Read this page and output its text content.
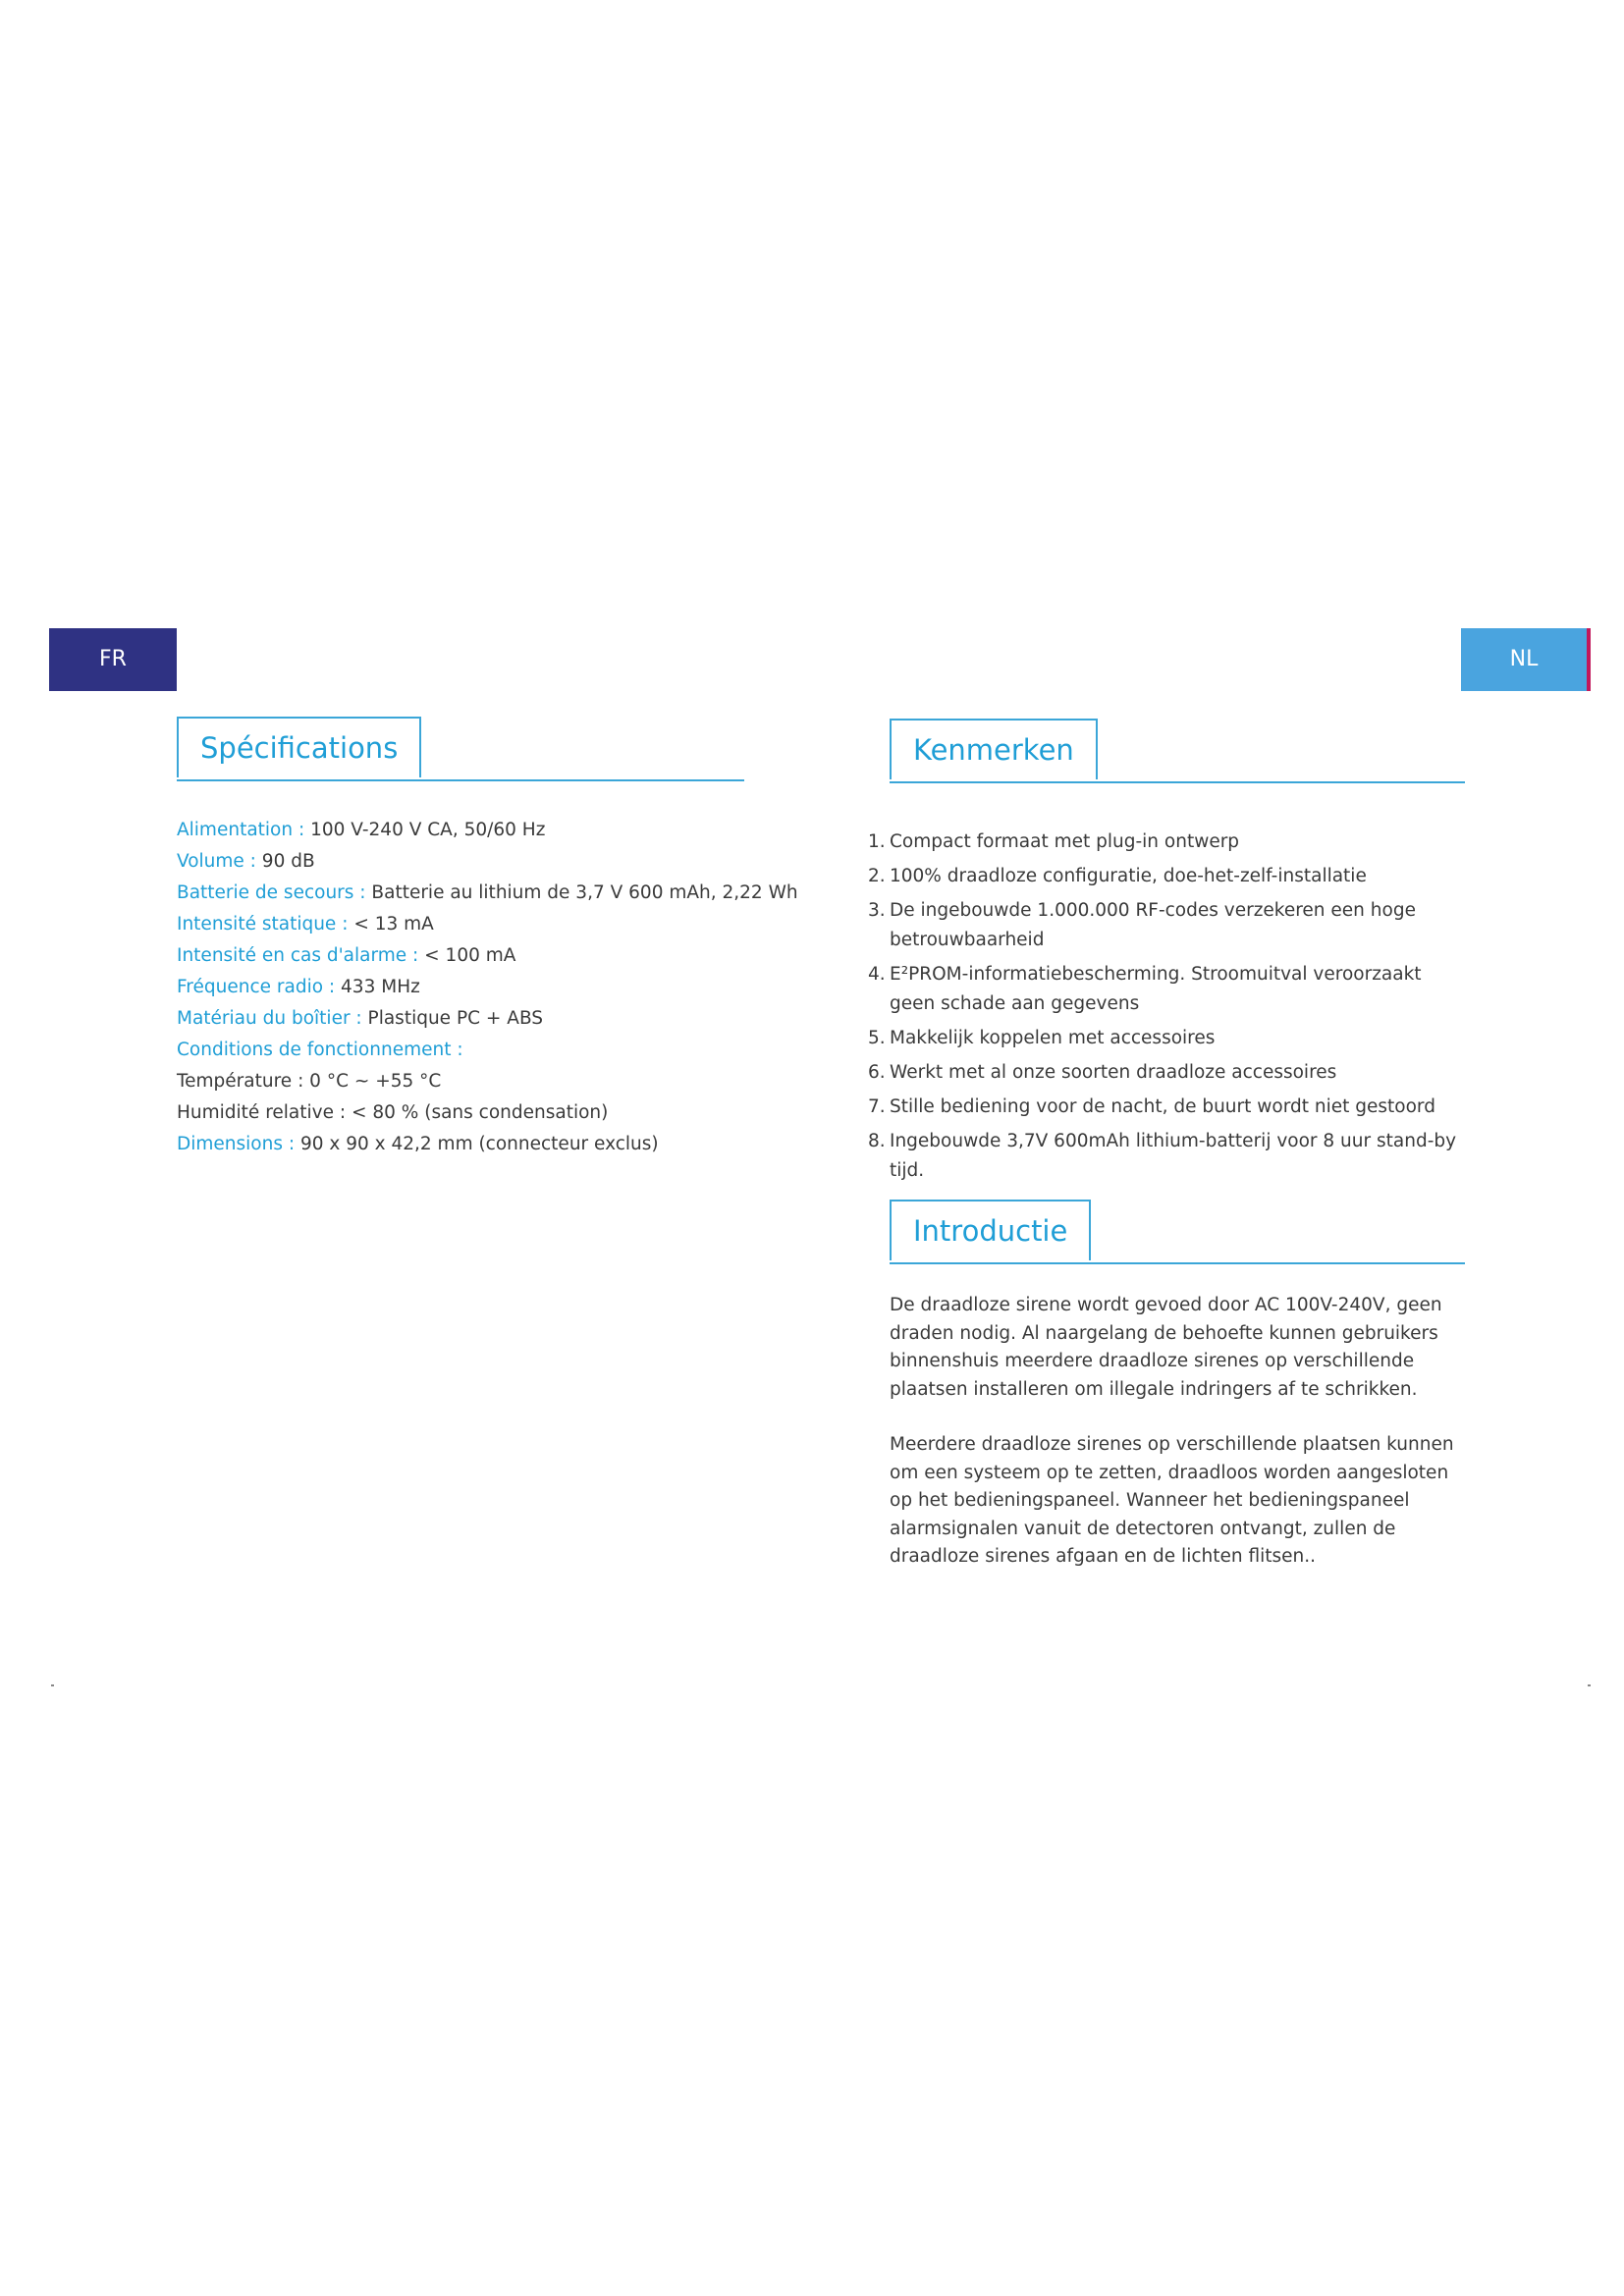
FR	NL
Spécifications
Alimentation : 100 V-240 V CA, 50/60 Hz
Volume : 90 dB
Batterie de secours : Batterie au lithium de 3,7 V 600 mAh, 2,22 Wh
Intensité statique : < 13 mA
Intensité en cas d'alarme : < 100 mA
Fréquence radio : 433 MHz
Matériau du boîtier : Plastique PC + ABS
Conditions de fonctionnement :
Température : 0 °C ~ +55 °C
Humidité relative : < 80 % (sans condensation)
Dimensions : 90 x 90 x 42,2 mm (connecteur exclus)
Kenmerken
1. Compact formaat met plug-in ontwerp
2. 100% draadloze configuratie, doe-het-zelf-installatie
3. De ingebouwde 1.000.000 RF-codes verzekeren een hoge betrouwbaarheid
4. E²PROM-informatiebescherming. Stroomuitval veroorzaakt geen schade aan gegevens
5. Makkelijk koppelen met accessoires
6. Werkt met al onze soorten draadloze accessoires
7. Stille bediening voor de nacht, de buurt wordt niet gestoord
8. Ingebouwde 3,7V 600mAh lithium-batterij voor 8 uur stand-by tijd.
Introductie

De draadloze sirene wordt gevoed door AC 100V-240V, geen draden nodig. Al naargelang de behoefte kunnen gebruikers binnenshuis meerdere draadloze sirenes op verschillende plaatsen installeren om illegale indringers af te schrikken.

Meerdere draadloze sirenes op verschillende plaatsen kunnen om een systeem op te zetten, draadloos worden aangesloten op het bedieningspaneel. Wanneer het bedieningspaneel alarmsignalen vanuit de detectoren ontvangt, zullen de draadloze sirenes afgaan en de lichten flitsen..
